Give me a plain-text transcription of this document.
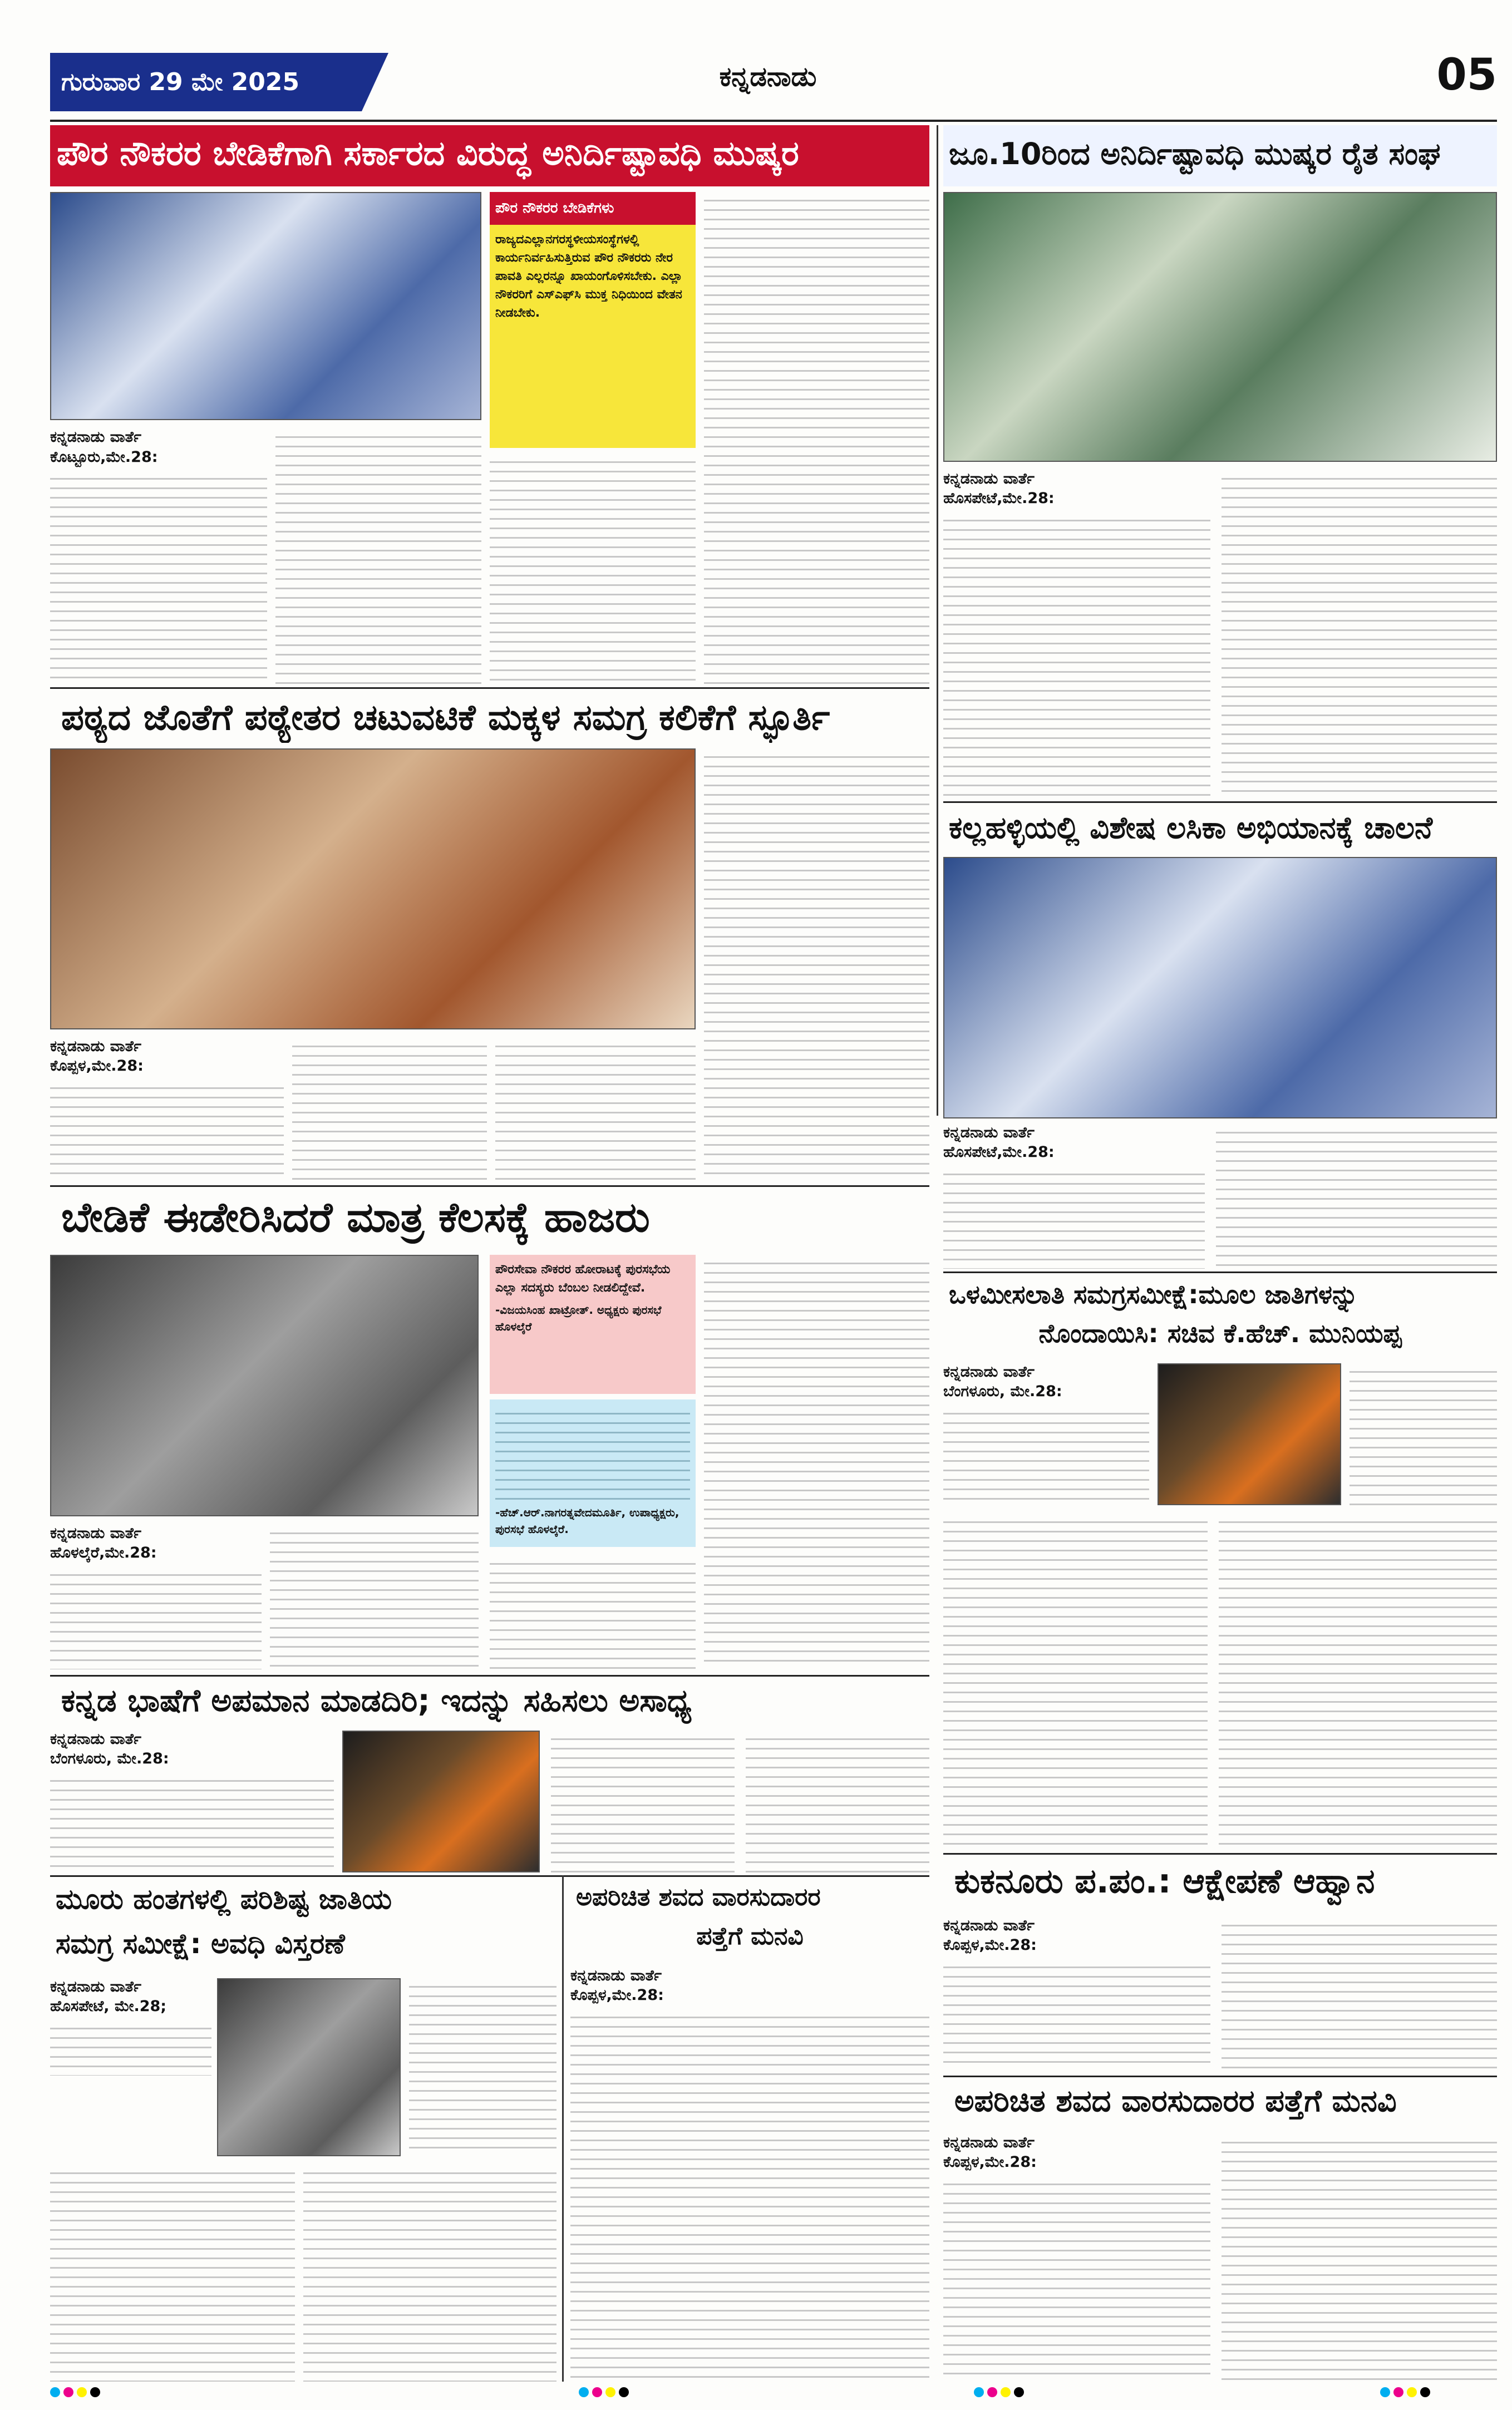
ಗುರುವಾರ 29 ಮೇ 2025	ಕನ್ನಡನಾಡು	05
ಪೌರ ನೌಕರರ ಬೇಡಿಕೆಗಾಗಿ ಸರ್ಕಾರದ ವಿರುದ್ಧ ಅನಿರ್ದಿಷ್ಟಾವಧಿ ಮುಷ್ಕರ
ಪೌರ ನೌಕರರ ಬೇಡಿಕೆಗಳು
ರಾಜ್ಯದಎಲ್ಲಾನಗರಸ್ಥಳೀಯಸಂಸ್ಥೆಗಳಲ್ಲಿ ಕಾರ್ಯನಿರ್ವಹಿಸುತ್ತಿರುವ ಪೌರ ನೌಕರರು ನೇರ ಪಾವತಿ ಎಲ್ಲರನ್ನೂ ಖಾಯಂಗೊಳಿಸಬೇಕು. ಎಲ್ಲಾ ನೌಕರರಿಗೆ ಎಸ್‌ಎಫ್‌ಸಿ ಮುಕ್ತ ನಿಧಿಯಿಂದ ವೇತನ ನೀಡಬೇಕು.
ಕನ್ನಡನಾಡು ವಾರ್ತೆ
ಕೊಟ್ಟೂರು,ಮೇ.28:
ಜೂ.10ರಿಂದ ಅನಿರ್ದಿಷ್ಟಾವಧಿ ಮುಷ್ಕರ ರೈತ ಸಂಘ
ಕನ್ನಡನಾಡು ವಾರ್ತೆ
ಹೊಸಪೇಟೆ,ಮೇ.28:
ಪಠ್ಯದ ಜೊತೆಗೆ ಪಠ್ಯೇತರ ಚಟುವಟಿಕೆ ಮಕ್ಕಳ ಸಮಗ್ರ ಕಲಿಕೆಗೆ ಸ್ಫೂರ್ತಿ
ಕನ್ನಡನಾಡು ವಾರ್ತೆ
ಕೊಪ್ಪಳ,ಮೇ.28:
ಕಲ್ಲಹಳ್ಳಿಯಲ್ಲಿ ವಿಶೇಷ ಲಸಿಕಾ ಅಭಿಯಾನಕ್ಕೆ ಚಾಲನೆ
ಕನ್ನಡನಾಡು ವಾರ್ತೆ
ಹೊಸಪೇಟೆ,ಮೇ.28:
ಬೇಡಿಕೆ ಈಡೇರಿಸಿದರೆ ಮಾತ್ರ ಕೆಲಸಕ್ಕೆ ಹಾಜರು
ಪೌರಸೇವಾ ನೌಕರರ ಹೋರಾಟಕ್ಕೆ ಪುರಸಭೆಯ ಎಲ್ಲಾ ಸದಸ್ಯರು ಬೆಂಬಲ ನೀಡಲಿದ್ದೇವೆ.
-ವಿಜಯಸಿಂಹ ಖಾಟ್ರೋತ್‌. ಅಧ್ಯಕ್ಷರು ಪುರಸಭೆ ಹೊಳಲ್ಕೆರೆ
-ಹೆಚ್.ಆರ್.ನಾಗರತ್ನವೇದಮೂರ್ತಿ, ಉಪಾಧ್ಯಕ್ಷರು, ಪುರಸಭೆ ಹೊಳಲ್ಕೆರೆ.
ಕನ್ನಡನಾಡು ವಾರ್ತೆ
ಹೊಳಲ್ಕೆರೆ,ಮೇ.28:
ಒಳಮೀಸಲಾತಿ ಸಮಗ್ರಸಮೀಕ್ಷೆ:ಮೂಲ ಜಾತಿಗಳನ್ನು
ನೊಂದಾಯಿಸಿ: ಸಚಿವ ಕೆ.ಹೆಚ್. ಮುನಿಯಪ್ಪ
ಕನ್ನಡನಾಡು ವಾರ್ತೆ
ಬೆಂಗಳೂರು, ಮೇ.28:
ಕನ್ನಡ ಭಾಷೆಗೆ ಅಪಮಾನ ಮಾಡದಿರಿ; ಇದನ್ನು ಸಹಿಸಲು ಅಸಾಧ್ಯ
ಕನ್ನಡನಾಡು ವಾರ್ತೆ
ಬೆಂಗಳೂರು, ಮೇ.28:
ಕುಕನೂರು ಪ.ಪಂ.: ಆಕ್ಷೇಪಣೆ ಆಹ್ವಾನ
ಕನ್ನಡನಾಡು ವಾರ್ತೆ
ಕೊಪ್ಪಳ,ಮೇ.28:
ಮೂರು ಹಂತಗಳಲ್ಲಿ ಪರಿಶಿಷ್ಟ ಜಾತಿಯ
ಸಮಗ್ರ ಸಮೀಕ್ಷೆ: ಅವಧಿ ವಿಸ್ತರಣೆ
ಕನ್ನಡನಾಡು ವಾರ್ತೆ
ಹೊಸಪೇಟೆ, ಮೇ.28;
ಅಪರಿಚಿತ ಶವದ ವಾರಸುದಾರರ
ಪತ್ತೆಗೆ ಮನವಿ
ಕನ್ನಡನಾಡು ವಾರ್ತೆ
ಕೊಪ್ಪಳ,ಮೇ.28:
ಅಪರಿಚಿತ ಶವದ ವಾರಸುದಾರರ ಪತ್ತೆಗೆ ಮನವಿ
ಕನ್ನಡನಾಡು ವಾರ್ತೆ
ಕೊಪ್ಪಳ,ಮೇ.28:
